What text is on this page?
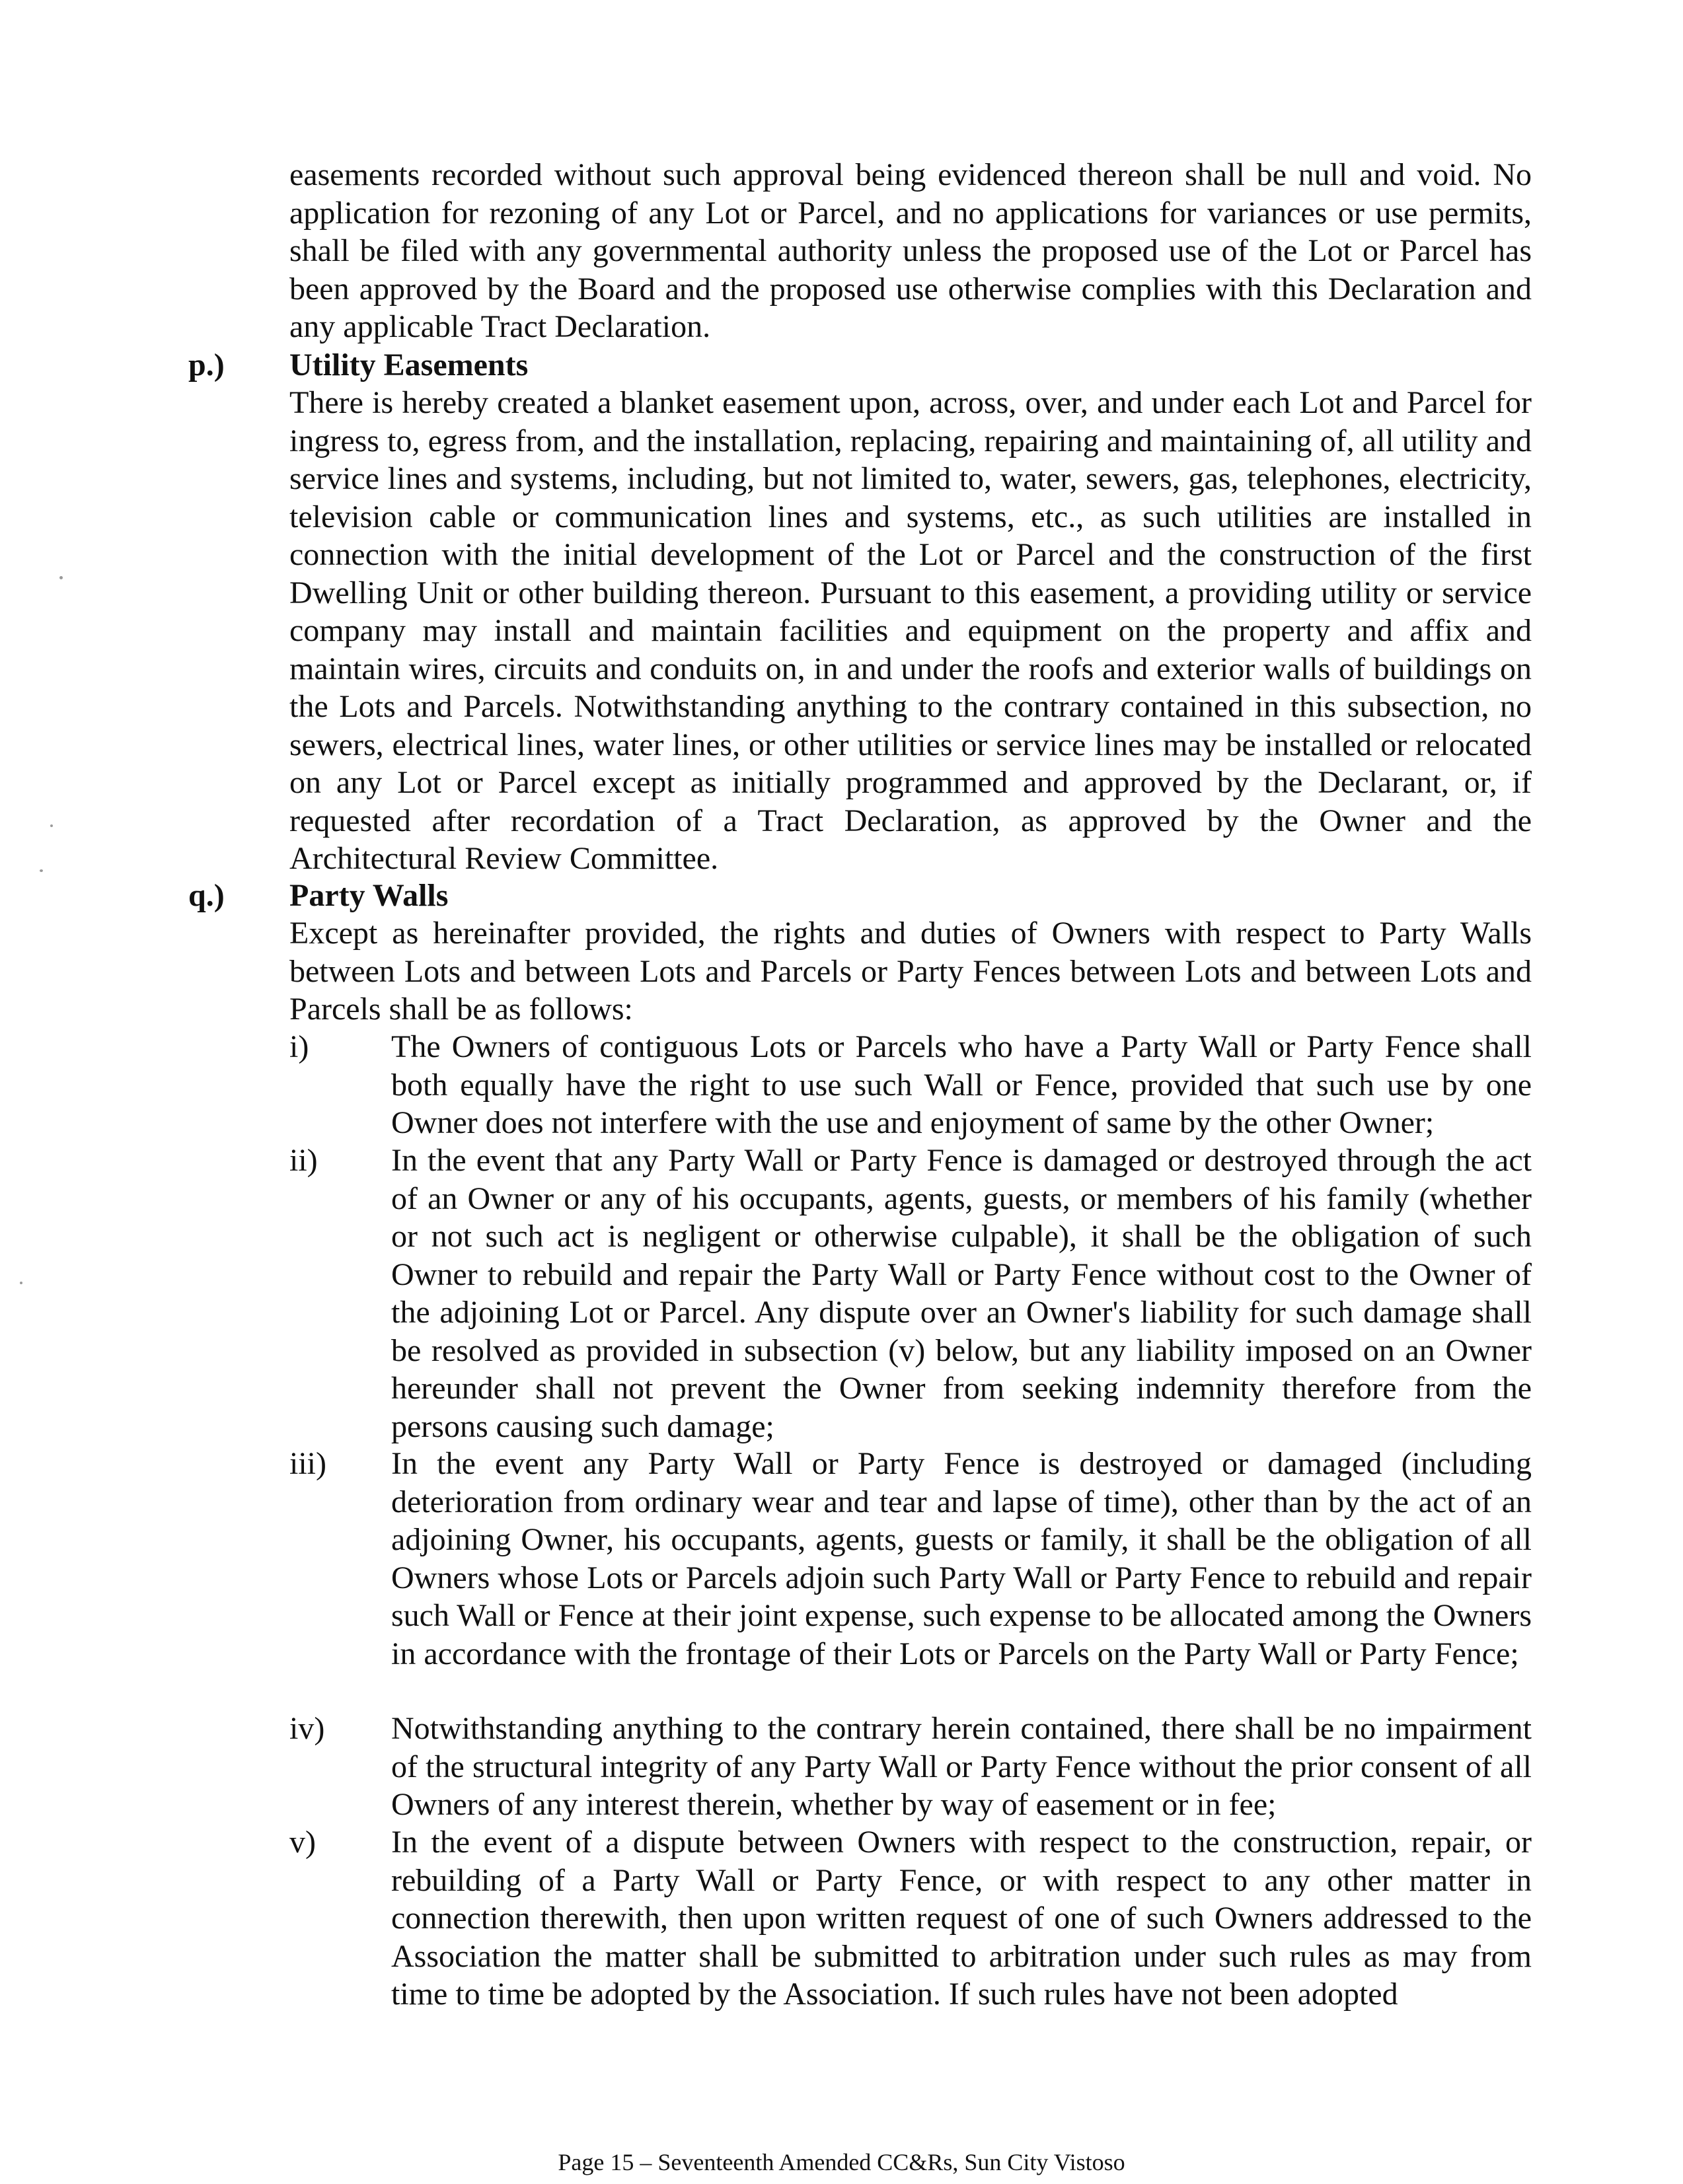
easements recorded without such approval being evidenced thereon shall be null and void. No application for rezoning of any Lot or Parcel, and no applications for variances or use permits, shall be filed with any governmental authority unless the proposed use of the Lot or Parcel has been approved by the Board and the proposed use otherwise complies with this Declaration and any applicable Tract Declaration.

p.) Utility Easements

There is hereby created a blanket easement upon, across, over, and under each Lot and Parcel for ingress to, egress from, and the installation, replacing, repairing and maintaining of, all utility and service lines and systems, including, but not limited to, water, sewers, gas, telephones, electricity, television cable or communication lines and systems, etc., as such utilities are installed in connection with the initial development of the Lot or Parcel and the construction of the first Dwelling Unit or other building thereon. Pursuant to this easement, a providing utility or service company may install and maintain facilities and equipment on the property and affix and maintain wires, circuits and conduits on, in and under the roofs and exterior walls of buildings on the Lots and Parcels. Notwithstanding anything to the contrary contained in this subsection, no sewers, electrical lines, water lines, or other utilities or service lines may be installed or relocated on any Lot or Parcel except as initially programmed and approved by the Declarant, or, if requested after recordation of a Tract Declaration, as approved by the Owner and the Architectural Review Committee.

q.) Party Walls

Except as hereinafter provided, the rights and duties of Owners with respect to Party Walls between Lots and between Lots and Parcels or Party Fences between Lots and between Lots and Parcels shall be as follows:

i)	The Owners of contiguous Lots or Parcels who have a Party Wall or Party Fence shall both equally have the right to use such Wall or Fence, provided that such use by one Owner does not interfere with the use and enjoyment of same by the other Owner;

ii) In the event that any Party Wall or Party Fence is damaged or destroyed through the act of an Owner or any of his occupants, agents, guests, or members of his family (whether or not such act is negligent or otherwise culpable), it shall be the obligation of such Owner to rebuild and repair the Party Wall or Party Fence without cost to the Owner of the adjoining Lot or Parcel. Any dispute over an Owner's liability for such damage shall be resolved as provided in subsection (v) below, but any liability imposed on an Owner hereunder shall not prevent the Owner from seeking indemnity therefore from the persons causing such damage;

iii) In the event any Party Wall or Party Fence is destroyed or damaged (including deterioration from ordinary wear and tear and lapse of time), other than by the act of an adjoining Owner, his occupants, agents, guests or family, it shall be the obligation of all Owners whose Lots or Parcels adjoin such Party Wall or Party Fence to rebuild and repair such Wall or Fence at their joint expense, such expense to be allocated among the Owners in accordance with the frontage of their Lots or Parcels on the Party Wall or Party Fence;

iv) Notwithstanding anything to the contrary herein contained, there shall be no impairment of the structural integrity of any Party Wall or Party Fence without the prior consent of all Owners of any interest therein, whether by way of easement or in fee;

v) In the event of a dispute between Owners with respect to the construction, repair, or rebuilding of a Party Wall or Party Fence, or with respect to any other matter in connection therewith, then upon written request of one of such Owners addressed to the Association the matter shall be submitted to arbitration under such rules as may from time to time be adopted by the Association. If such rules have not been adopted

Page 15 – Seventeenth Amended CC&Rs, Sun City Vistoso
